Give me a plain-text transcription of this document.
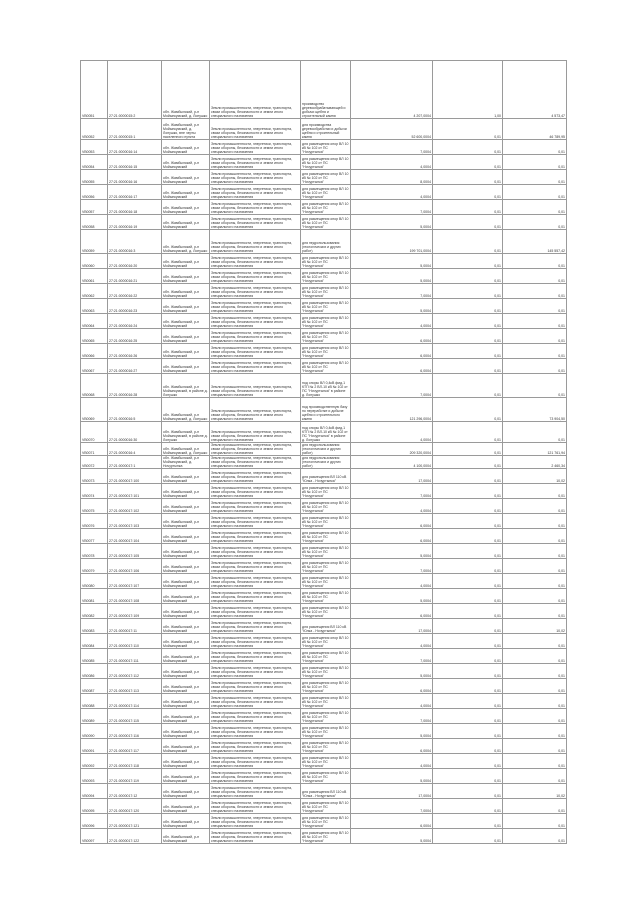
VB0051	27:21:0000015:2	обл. Жамбылский, р-н Мойынкумский, д. Лопушко	Земли промышленности, энергетики, транспорта, связи обороны, безопасности и земли иного специального назначения	производство деревообрабатывающей и добычи щебня и строительный камня	4 207,0004	1,00	4 573,47
VB0052	27:21:0000015:1	обл. Жамбылский, р-н Мойынкумский, д. Лопушко, вне черты населенного пункта	Земли промышленности, энергетики, транспорта, связи обороны, безопасности и земли иного специального назначения	для производства деревообработки и добычи щебня и строительный камня	52 600,0004	0,01	46 789,95
VB0053	27:21:0000016:14	обл. Жамбылский, р-н Мойынкумский	Земли промышленности, энергетики, транспорта, связи обороны, безопасности и земли иного специального назначения	для размещения опор ВЛ 10 кВ № 102 от ПС "Ночуртынка"	7,0004	0,01	0,01
VB0054	27:21:0000016:15	обл. Жамбылский, р-н Мойынкумский	Земли промышленности, энергетики, транспорта, связи обороны, безопасности и земли иного специального назначения	для размещения опор ВЛ 10 кВ № 102 от ПС "Ночуртынка"	4,0004	0,01	0,01
VB0055	27:21:0000016:16	обл. Жамбылский, р-н Мойынкумский	Земли промышленности, энергетики, транспорта, связи обороны, безопасности и земли иного специального назначения	для размещения опор ВЛ 10 кВ № 102 от ПС "Ночуртынка"	8,0004	0,01	0,01
VB0056	27:21:0000016:17	обл. Жамбылский, р-н Мойынкумский	Земли промышленности, энергетики, транспорта, связи обороны, безопасности и земли иного специального назначения	для размещения опор ВЛ 10 кВ № 102 от ПС "Ночуртынка"	4,0004	0,01	0,01
VB0057	27:21:0000016:18	обл. Жамбылский, р-н Мойынкумский	Земли промышленности, энергетики, транспорта, связи обороны, безопасности и земли иного специального назначения	для размещения опор ВЛ 10 кВ № 102 от ПС "Ночуртынка"	7,0004	0,01	0,01
VB0058	27:21:0000016:19	обл. Жамбылский, р-н Мойынкумский	Земли промышленности, энергетики, транспорта, связи обороны, безопасности и земли иного специального назначения	для размещения опор ВЛ 10 кВ № 102 от ПС "Ночуртынка"	5,0004	0,01	0,01
VB0059	27:21:0000016:3	обл. Жамбылский, р-н Мойынкумский, д. Лопушко	Земли промышленности, энергетики, транспорта, связи обороны, безопасности и земли иного специального назначения	для недропользования (геологических и других работ)	199 701,0004	0,01	145 557,42
VB0060	27:21:0000016:20	обл. Жамбылский, р-н Мойынкумский	Земли промышленности, энергетики, транспорта, связи обороны, безопасности и земли иного специального назначения	для размещения опор ВЛ 10 кВ № 102 от ПС "Ночуртынка"	5,0004	0,01	0,01
VB0061	27:21:0000016:21	обл. Жамбылский, р-н Мойынкумский	Земли промышленности, энергетики, транспорта, связи обороны, безопасности и земли иного специального назначения	для размещения опор ВЛ 10 кВ № 102 от ПС "Ночуртынка"	5,0004	0,01	0,01
VB0062	27:21:0000016:22	обл. Жамбылский, р-н Мойынкумский	Земли промышленности, энергетики, транспорта, связи обороны, безопасности и земли иного специального назначения	для размещения опор ВЛ 10 кВ № 102 от ПС "Ночуртынка"	7,0004	0,01	0,01
VB0063	27:21:0000016:23	обл. Жамбылский, р-н Мойынкумский	Земли промышленности, энергетики, транспорта, связи обороны, безопасности и земли иного специального назначения	для размещения опор ВЛ 10 кВ № 102 от ПС "Ночуртынка"	5,0004	0,01	0,01
VB0064	27:21:0000016:24	обл. Жамбылский, р-н Мойынкумский	Земли промышленности, энергетики, транспорта, связи обороны, безопасности и земли иного специального назначения	для размещения опор ВЛ 10 кВ № 102 от ПС "Ночуртынка"	4,0004	0,01	0,01
VB0065	27:21:0000016:25	обл. Жамбылский, р-н Мойынкумский	Земли промышленности, энергетики, транспорта, связи обороны, безопасности и земли иного специального назначения	для размещения опор ВЛ 10 кВ № 102 от ПС "Ночуртынка"	6,0004	0,01	0,01
VB0066	27:21:0000016:26	обл. Жамбылский, р-н Мойынкумский	Земли промышленности, энергетики, транспорта, связи обороны, безопасности и земли иного специального назначения	для размещения опор ВЛ 10 кВ № 102 от ПС "Ночуртынка"	6,0004	0,01	0,01
VB0067	27:21:0000016:27	обл. Жамбылский, р-н Мойынкумский	Земли промышленности, энергетики, транспорта, связи обороны, безопасности и земли иного специального назначения	для размещения опор ВЛ 10 кВ № 102 от ПС "Ночуртынка"	6,0004	0,01	0,01
VB0068	27:21:0000016:28	обл. Жамбылский, р-н Мойынкумский, в районе д. Лопушко	Земли промышленности, энергетики, транспорта, связи обороны, безопасности и земли иного специального назначения	под опоры ВЛ 0,4кВ фид.1 КТП № 2 ВЛ-10 кВ № 102 от ПС "Ночуртынка" в районе д. Лопушко	7,0004	0,01	0,01
VB0069	27:21:0000016:5	обл. Жамбылский, р-н Мойынкумский, д. Лопушко	Земли промышленности, энергетики, транспорта, связи обороны, безопасности и земли иного специального назначения	под производственную базу по переработке и добыче щебня и строительного камня	121 296,0004	0,01	73 904,50
VB0070	27:21:0000016:30	обл. Жамбылский, р-н Мойынкумский, в районе д. Лопушко	Земли промышленности, энергетики, транспорта, связи обороны, безопасности и земли иного специального назначения	под опоры ВЛ 0,4кВ фид.1 КТП № 2 ВЛ-10 кВ № 102 от ПС "Ночуртынка" в районе д. Лопушко	4,0004	0,01	0,01
VB0071	27:21:0000016:4	обл. Жамбылский, р-н Мойынкумский, д. Лопушко	Земли промышленности, энергетики, транспорта, связи обороны, безопасности и земли иного специального назначения	для недропользования (геологических и других работ)	209 320,0004	0,01	121 761,94
VB0072	27:21:0000017:1	обл. Жамбылский, р-н Мойынкумский, д. Ночуртынка	Земли промышленности, энергетики, транспорта, связи обороны, безопасности и земли иного специального назначения	для недропользования (геологических и других работ)	4 100,0004	0,01	2 460,34
VB0073	27:21:0000017:100	обл. Жамбылский, р-н Мойынкумский	Земли промышленности, энергетики, транспорта, связи обороны, безопасности и земли иного специального назначения	для размещения ВЛ 110 кВ "Юлка - Ночуртынка"	17,0004	0,01	10,02
VB0074	27:21:0000017:101	обл. Жамбылский, р-н Мойынкумский	Земли промышленности, энергетики, транспорта, связи обороны, безопасности и земли иного специального назначения	для размещения опор ВЛ 10 кВ № 102 от ПС "Ночуртынка"	7,0004	0,01	0,01
VB0075	27:21:0000017:102	обл. Жамбылский, р-н Мойынкумский	Земли промышленности, энергетики, транспорта, связи обороны, безопасности и земли иного специального назначения	для размещения опор ВЛ 10 кВ № 102 от ПС "Ночуртынка"	4,0004	0,01	0,01
VB0076	27:21:0000017:103	обл. Жамбылский, р-н Мойынкумский	Земли промышленности, энергетики, транспорта, связи обороны, безопасности и земли иного специального назначения	для размещения опор ВЛ 10 кВ № 102 от ПС "Ночуртынка"	6,0004	0,01	0,01
VB0077	27:21:0000017:104	обл. Жамбылский, р-н Мойынкумский	Земли промышленности, энергетики, транспорта, связи обороны, безопасности и земли иного специального назначения	для размещения опор ВЛ 10 кВ № 102 от ПС "Ночуртынка"	6,0004	0,01	0,01
VB0078	27:21:0000017:105	обл. Жамбылский, р-н Мойынкумский	Земли промышленности, энергетики, транспорта, связи обороны, безопасности и земли иного специального назначения	для размещения опор ВЛ 10 кВ № 102 от ПС "Ночуртынка"	5,0004	0,01	0,01
VB0079	27:21:0000017:106	обл. Жамбылский, р-н Мойынкумский	Земли промышленности, энергетики, транспорта, связи обороны, безопасности и земли иного специального назначения	для размещения опор ВЛ 10 кВ № 102 от ПС "Ночуртынка"	7,0004	0,01	0,01
VB0080	27:21:0000017:107	обл. Жамбылский, р-н Мойынкумский	Земли промышленности, энергетики, транспорта, связи обороны, безопасности и земли иного специального назначения	для размещения опор ВЛ 10 кВ № 102 от ПС "Ночуртынка"	4,0004	0,01	0,01
VB0081	27:21:0000017:108	обл. Жамбылский, р-н Мойынкумский	Земли промышленности, энергетики, транспорта, связи обороны, безопасности и земли иного специального назначения	для размещения опор ВЛ 10 кВ № 102 от ПС "Ночуртынка"	5,0004	0,01	0,01
VB0082	27:21:0000017:109	обл. Жамбылский, р-н Мойынкумский	Земли промышленности, энергетики, транспорта, связи обороны, безопасности и земли иного специального назначения	для размещения опор ВЛ 10 кВ № 102 от ПС "Ночуртынка"	6,0004	0,01	0,01
VB0083	27:21:0000017:11	обл. Жамбылский, р-н Мойынкумский	Земли промышленности, энергетики, транспорта, связи обороны, безопасности и земли иного специального назначения	для размещения ВЛ 110 кВ "Юлка - Ночуртынка"	17,0004	0,01	10,02
VB0084	27:21:0000017:110	обл. Жамбылский, р-н Мойынкумский	Земли промышленности, энергетики, транспорта, связи обороны, безопасности и земли иного специального назначения	для размещения опор ВЛ 10 кВ № 102 от ПС "Ночуртынка"	4,0004	0,01	0,01
VB0085	27:21:0000017:111	обл. Жамбылский, р-н Мойынкумский	Земли промышленности, энергетики, транспорта, связи обороны, безопасности и земли иного специального назначения	для размещения опор ВЛ 10 кВ № 102 от ПС "Ночуртынка"	7,0004	0,01	0,01
VB0086	27:21:0000017:112	обл. Жамбылский, р-н Мойынкумский	Земли промышленности, энергетики, транспорта, связи обороны, безопасности и земли иного специального назначения	для размещения опор ВЛ 10 кВ № 102 от ПС "Ночуртынка"	5,0004	0,01	0,01
VB0087	27:21:0000017:113	обл. Жамбылский, р-н Мойынкумский	Земли промышленности, энергетики, транспорта, связи обороны, безопасности и земли иного специального назначения	для размещения опор ВЛ 10 кВ № 102 от ПС "Ночуртынка"	6,0004	0,01	0,01
VB0088	27:21:0000017:114	обл. Жамбылский, р-н Мойынкумский	Земли промышленности, энергетики, транспорта, связи обороны, безопасности и земли иного специального назначения	для размещения опор ВЛ 10 кВ № 102 от ПС "Ночуртынка"	4,0004	0,01	0,01
VB0089	27:21:0000017:115	обл. Жамбылский, р-н Мойынкумский	Земли промышленности, энергетики, транспорта, связи обороны, безопасности и земли иного специального назначения	для размещения опор ВЛ 10 кВ № 102 от ПС "Ночуртынка"	7,0004	0,01	0,01
VB0090	27:21:0000017:116	обл. Жамбылский, р-н Мойынкумский	Земли промышленности, энергетики, транспорта, связи обороны, безопасности и земли иного специального назначения	для размещения опор ВЛ 10 кВ № 102 от ПС "Ночуртынка"	5,0004	0,01	0,01
VB0091	27:21:0000017:117	обл. Жамбылский, р-н Мойынкумский	Земли промышленности, энергетики, транспорта, связи обороны, безопасности и земли иного специального назначения	для размещения опор ВЛ 10 кВ № 102 от ПС "Ночуртынка"	6,0004	0,01	0,01
VB0092	27:21:0000017:118	обл. Жамбылский, р-н Мойынкумский	Земли промышленности, энергетики, транспорта, связи обороны, безопасности и земли иного специального назначения	для размещения опор ВЛ 10 кВ № 102 от ПС "Ночуртынка"	4,0004	0,01	0,01
VB0093	27:21:0000017:119	обл. Жамбылский, р-н Мойынкумский	Земли промышленности, энергетики, транспорта, связи обороны, безопасности и земли иного специального назначения	для размещения опор ВЛ 10 кВ № 102 от ПС "Ночуртынка"	5,0004	0,01	0,01
VB0094	27:21:0000017:12	обл. Жамбылский, р-н Мойынкумский	Земли промышленности, энергетики, транспорта, связи обороны, безопасности и земли иного специального назначения	для размещения ВЛ 110 кВ "Юлка - Ночуртынка"	17,0004	0,01	10,02
VB0095	27:21:0000017:120	обл. Жамбылский, р-н Мойынкумский	Земли промышленности, энергетики, транспорта, связи обороны, безопасности и земли иного специального назначения	для размещения опор ВЛ 10 кВ № 102 от ПС "Ночуртынка"	7,0004	0,01	0,01
VB0096	27:21:0000017:121	обл. Жамбылский, р-н Мойынкумский	Земли промышленности, энергетики, транспорта, связи обороны, безопасности и земли иного специального назначения	для размещения опор ВЛ 10 кВ № 102 от ПС "Ночуртынка"	6,0004	0,01	0,01
VB0097	27:21:0000017:122	обл. Жамбылский, р-н Мойынкумский	Земли промышленности, энергетики, транспорта, связи обороны, безопасности и земли иного специального назначения	для размещения опор ВЛ 10 кВ № 102 от ПС "Ночуртынка"	5,0004	0,01	0,01
